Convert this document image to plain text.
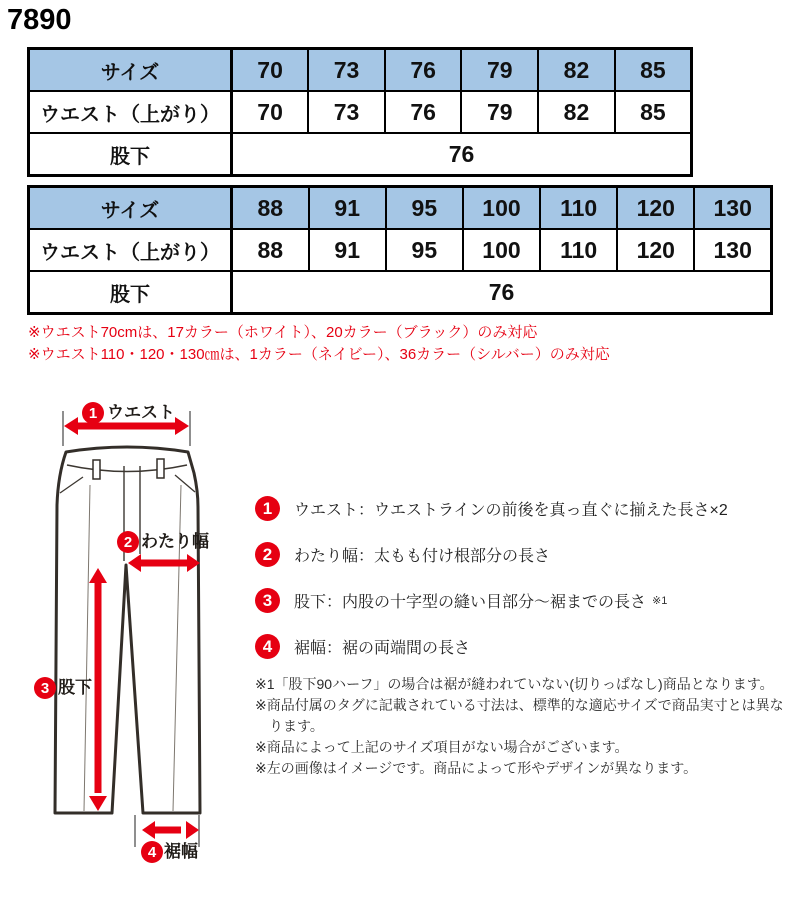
7890
サイズ	70	73	76	79	82	85
ウエスト（上がり）	70	73	76	79	82	85
股下	76					
サイズ	88	91	95	100	110	120	130
ウエスト（上がり）	88	91	95	100	110	120	130
股下	76						
※ウエスト70cmは、17カラー（ホワイト）、20カラー（ブラック）のみ対応
※ウエスト110・120・130㎝は、1カラー（ネイビー）、36カラー（シルバー）のみ対応
1 ウエスト
2 わたり幅
3 股下
4 裾幅
1	ウエスト：ウエストラインの前後を真っ直ぐに揃えた長さ×2
2	わたり幅：太もも付け根部分の長さ
3	股下：内股の十字型の縫い目部分〜裾までの長さ ※1
4	裾幅：裾の両端間の長さ
※1「股下90ハーフ」の場合は裾が縫われていない(切りっぱなし)商品となります。
※商品付属のタグに記載されている寸法は、標準的な適応サイズで商品実寸とは異なります。
※商品によって上記のサイズ項目がない場合がございます。
※左の画像はイメージです。商品によって形やデザインが異なります。
